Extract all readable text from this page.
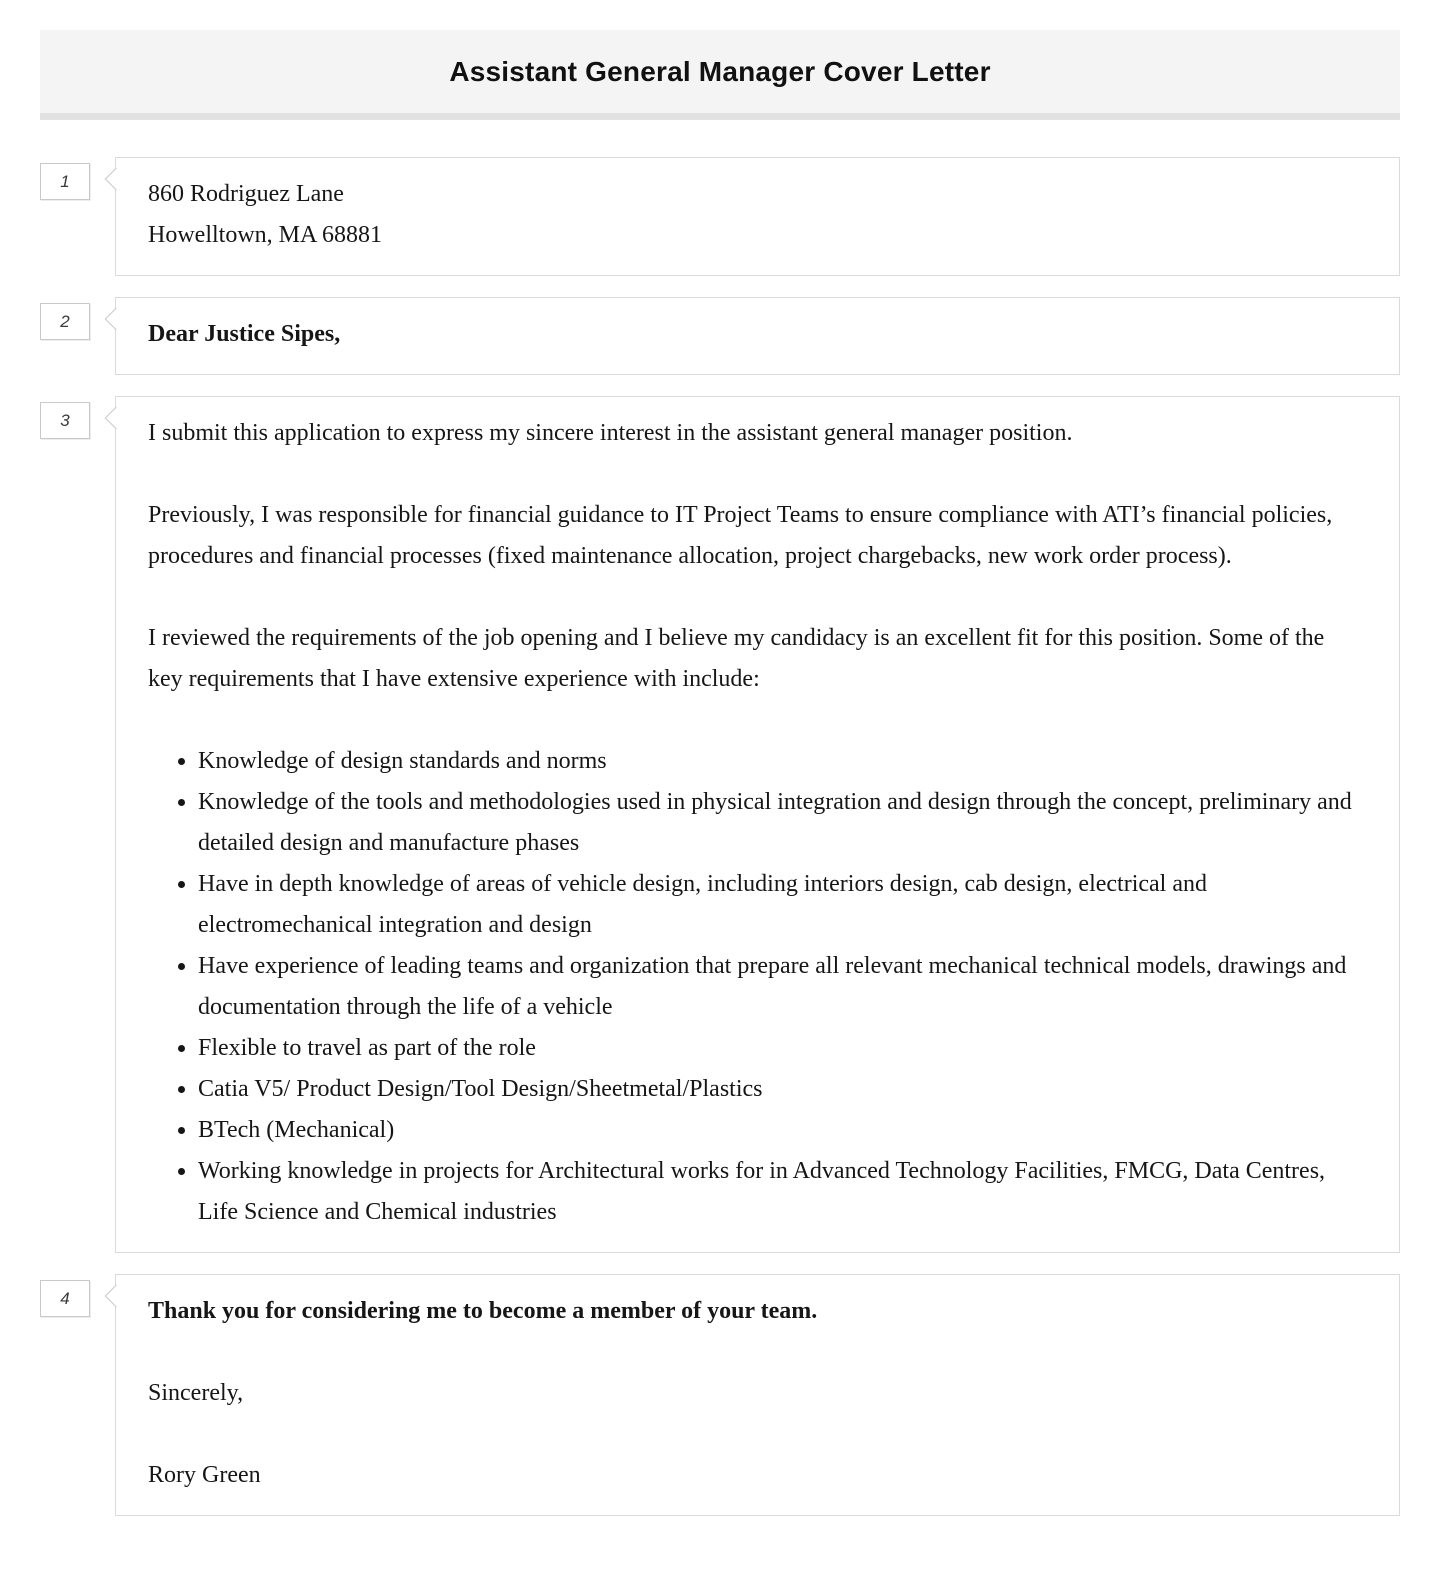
Assistant General Manager Cover Letter
1	860 Rodriguez Lane

Howelltown, MA 68881

2	Dear Justice Sipes,

3	I submit this application to express my sincere interest in the assistant general manager position.

Previously, I was responsible for financial guidance to IT Project Teams to ensure compliance with ATI’s financial policies, procedures and financial processes (fixed maintenance allocation, project chargebacks, new work order process).

I reviewed the requirements of the job opening and I believe my candidacy is an excellent fit for this position. Some of the key requirements that I have extensive experience with include:

• Knowledge of design standards and norms
• Knowledge of the tools and methodologies used in physical integration and design through the concept, preliminary and detailed design and manufacture phases
• Have in depth knowledge of areas of vehicle design, including interiors design, cab design, electrical and electromechanical integration and design
• Have experience of leading teams and organization that prepare all relevant mechanical technical models, drawings and documentation through the life of a vehicle
• Flexible to travel as part of the role
• Catia V5/ Product Design/Tool Design/Sheetmetal/Plastics
• BTech (Mechanical)
• Working knowledge in projects for Architectural works for in Advanced Technology Facilities, FMCG, Data Centres, Life Science and Chemical industries
4	Thank you for considering me to become a member of your team.

Sincerely,

Rory Green
